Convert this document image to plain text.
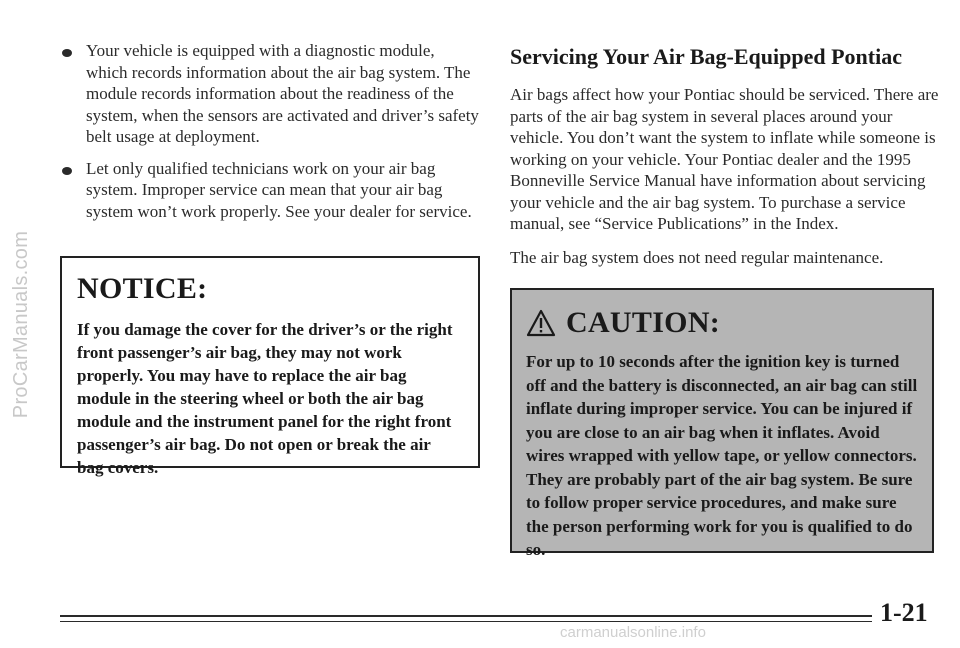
ProCarManuals.com
Your vehicle is equipped with a diagnostic module, which records information about the air bag system. The module records information about the readiness of the system, when the sensors are activated and driver’s safety belt usage at deployment.
Let only qualified technicians work on your air bag system. Improper service can mean that your air bag system won’t work properly. See your dealer for service.
NOTICE:
If you damage the cover for the driver’s or the right front passenger’s air bag, they may not work properly. You may have to replace the air bag module in the steering wheel or both the air bag module and the instrument panel for the right front passenger’s air bag. Do not open or break the air bag covers.
Servicing Your Air Bag-Equipped Pontiac

Air bags affect how your Pontiac should be serviced. There are parts of the air bag system in several places around your vehicle. You don’t want the system to inflate while someone is working on your vehicle. Your Pontiac dealer and the 1995 Bonneville Service Manual have information about servicing your vehicle and the air bag system. To purchase a service manual, see “Service Publications” in the Index.

The air bag system does not need regular maintenance.

CAUTION:
For up to 10 seconds after the ignition key is turned off and the battery is disconnected, an air bag can still inflate during improper service. You can be injured if you are close to an air bag when it inflates. Avoid wires wrapped with yellow tape, or yellow connectors. They are probably part of the air bag system. Be sure to follow proper service procedures, and make sure the person performing work for you is qualified to do so.
1-21
carmanualsonline.info
